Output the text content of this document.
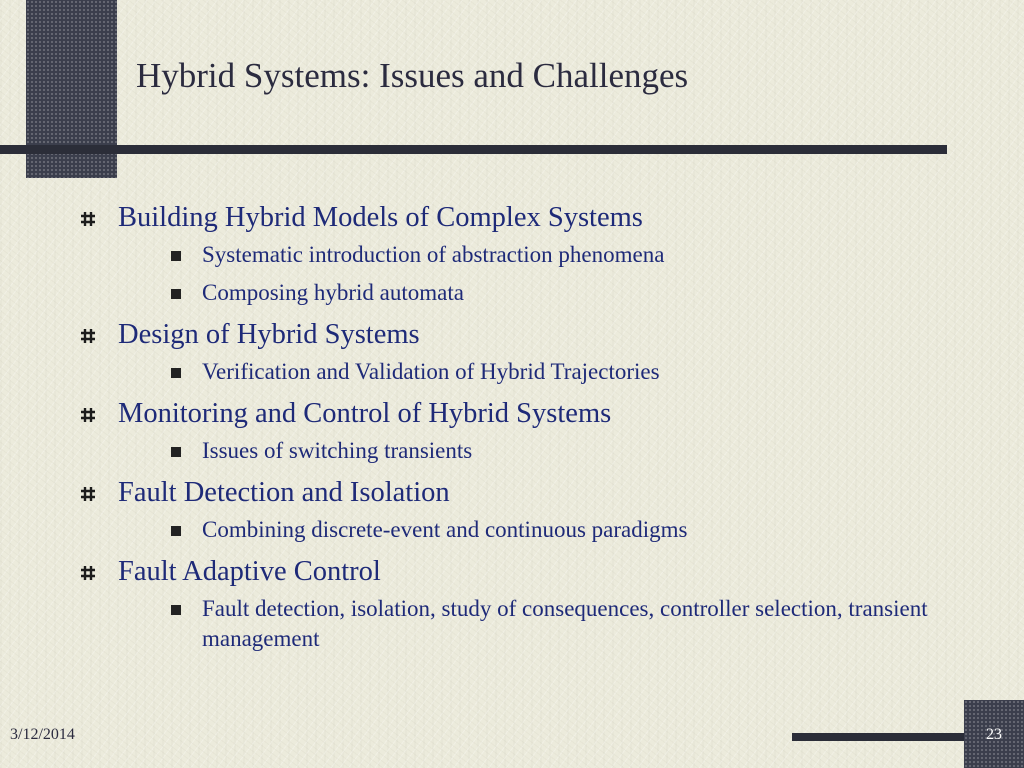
Hybrid Systems: Issues and Challenges
Building Hybrid Models of Complex Systems
Systematic introduction of abstraction phenomena
Composing hybrid automata
Design of Hybrid Systems
Verification and Validation of Hybrid Trajectories
Monitoring and Control of Hybrid Systems
Issues of switching transients
Fault Detection and Isolation
Combining discrete-event and continuous paradigms
Fault Adaptive Control
Fault detection, isolation, study of consequences, controller selection, transient management
3/12/2014	23
